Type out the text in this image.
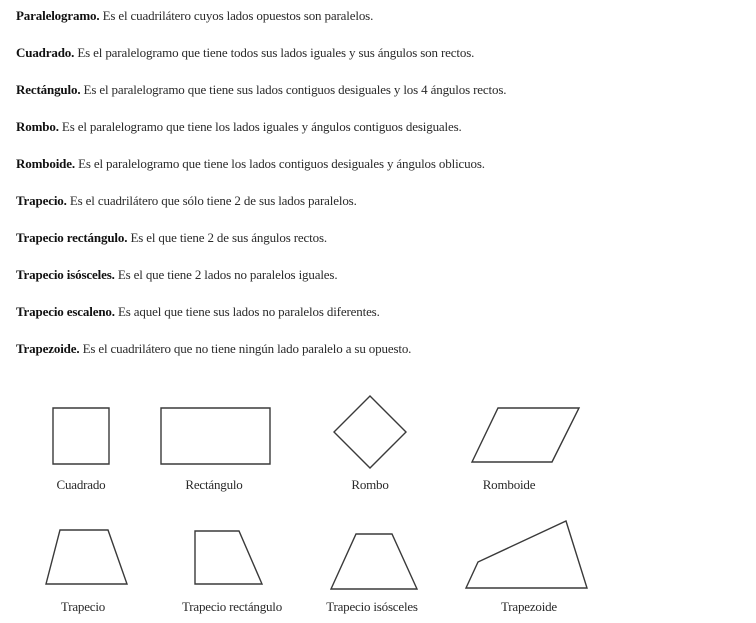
Paralelogramo. Es el cuadrilátero cuyos lados opuestos son paralelos.
Cuadrado. Es el paralelogramo que tiene todos sus lados iguales y sus ángulos son rectos.
Rectángulo. Es el paralelogramo que tiene sus lados contiguos desiguales y los 4 ángulos rectos.
Rombo. Es el paralelogramo que tiene los lados iguales y ángulos contiguos desiguales.
Romboide. Es el paralelogramo que tiene los lados contiguos desiguales y ángulos oblicuos.
Trapecio. Es el cuadrilátero que sólo tiene 2 de sus lados paralelos.
Trapecio rectángulo. Es el que tiene 2 de sus ángulos rectos.
Trapecio isósceles. Es el que tiene 2 lados no paralelos iguales.
Trapecio escaleno. Es aquel que tiene sus lados no paralelos diferentes.
Trapezoide. Es el cuadrilátero que no tiene ningún lado paralelo a su opuesto.
Cuadrado	Rectángulo	Rombo	Romboide
Trapecio	Trapecio rectángulo	Trapecio isósceles	Trapezoide
